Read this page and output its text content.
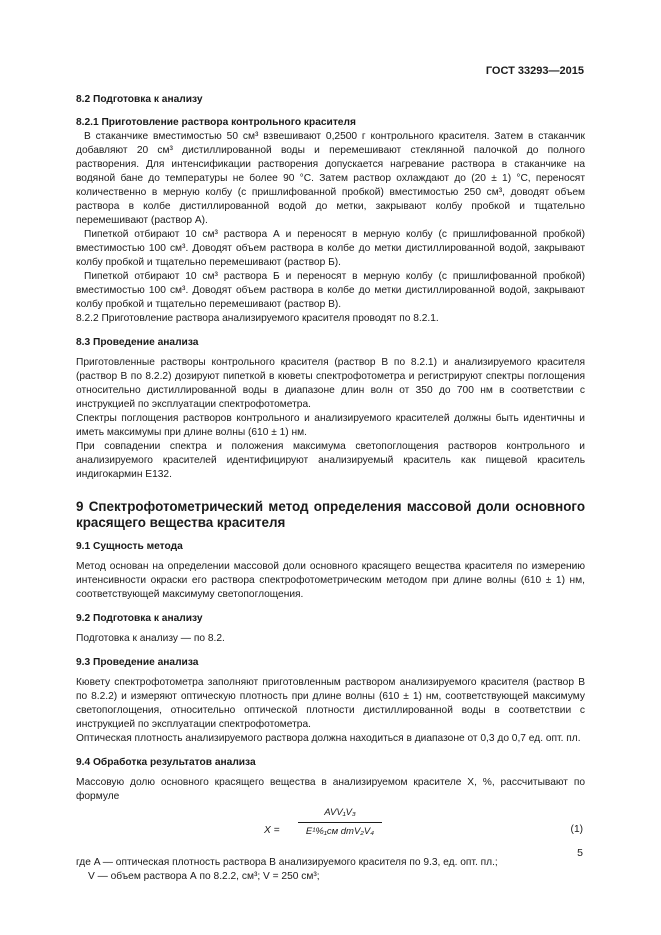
ГОСТ 33293—2015

8.2 Подготовка к анализу

8.2.1 Приготовление раствора контрольного красителя

В стаканчике вместимостью 50 см³ взвешивают 0,2500 г контрольного красителя. Затем в стаканчик добавляют 20 см³ дистиллированной воды и перемешивают стеклянной палочкой до полного растворения. Для интенсификации растворения допускается нагревание раствора в стаканчике на водяной бане до температуры не более 90 °С. Затем раствор охлаждают до (20 ± 1) °С, переносят количественно в мерную колбу (с пришлифованной пробкой) вместимостью 250 см³, доводят объем раствора в колбе дистиллированной водой до метки, закрывают колбу пробкой и тщательно перемешивают (раствор А).

Пипеткой отбирают 10 см³ раствора А и переносят в мерную колбу (с пришлифованной пробкой) вместимостью 100 см³. Доводят объем раствора в колбе до метки дистиллированной водой, закрывают колбу пробкой и тщательно перемешивают (раствор Б).

Пипеткой отбирают 10 см³ раствора Б и переносят в мерную колбу (с пришлифованной пробкой) вместимостью 100 см³. Доводят объем раствора в колбе до метки дистиллированной водой, закрывают колбу пробкой и тщательно перемешивают (раствор В).

8.2.2 Приготовление раствора анализируемого красителя проводят по 8.2.1.

8.3 Проведение анализа

Приготовленные растворы контрольного красителя (раствор В по 8.2.1) и анализируемого красителя (раствор В по 8.2.2) дозируют пипеткой в кюветы спектрофотометра и регистрируют спектры поглощения относительно дистиллированной воды в диапазоне длин волн от 350 до 700 нм в соответствии с инструкцией по эксплуатации спектрофотометра.

Спектры поглощения растворов контрольного и анализируемого красителей должны быть идентичны и иметь максимумы при длине волны (610 ± 1) нм.

При совпадении спектра и положения максимума светопоглощения растворов контрольного и анализируемого красителей идентифицируют анализируемый краситель как пищевой краситель индигокармин Е132.

9 Спектрофотометрический метод определения массовой доли основного красящего вещества красителя

9.1 Сущность метода

Метод основан на определении массовой доли основного красящего вещества красителя по измерению интенсивности окраски его раствора спектрофотометрическим методом при длине волны (610 ± 1) нм, соответствующей максимуму светопоглощения.

9.2 Подготовка к анализу

Подготовка к анализу — по 8.2.

9.3 Проведение анализа

Кювету спектрофотометра заполняют приготовленным раствором анализируемого красителя (раствор В по 8.2.2) и измеряют оптическую плотность при длине волны (610 ± 1) нм, соответствующей максимуму светопоглощения, относительно оптической плотности дистиллированной воды в соответствии с инструкцией по эксплуатации спектрофотометра.

Оптическая плотность анализируемого раствора должна находиться в диапазоне от 0,3 до 0,7 ед. опт. пл.

9.4 Обработка результатов анализа

Массовую долю основного красящего вещества в анализируемом красителе X, %, рассчитывают по формуле

X =
AVV₁V₃
E¹%₁см dmV₂V₄	(1)

где A — оптическая плотность раствора В анализируемого красителя по 9.3, ед. опт. пл.;

V — объем раствора А по 8.2.2, см³; V = 250 см³;

5
